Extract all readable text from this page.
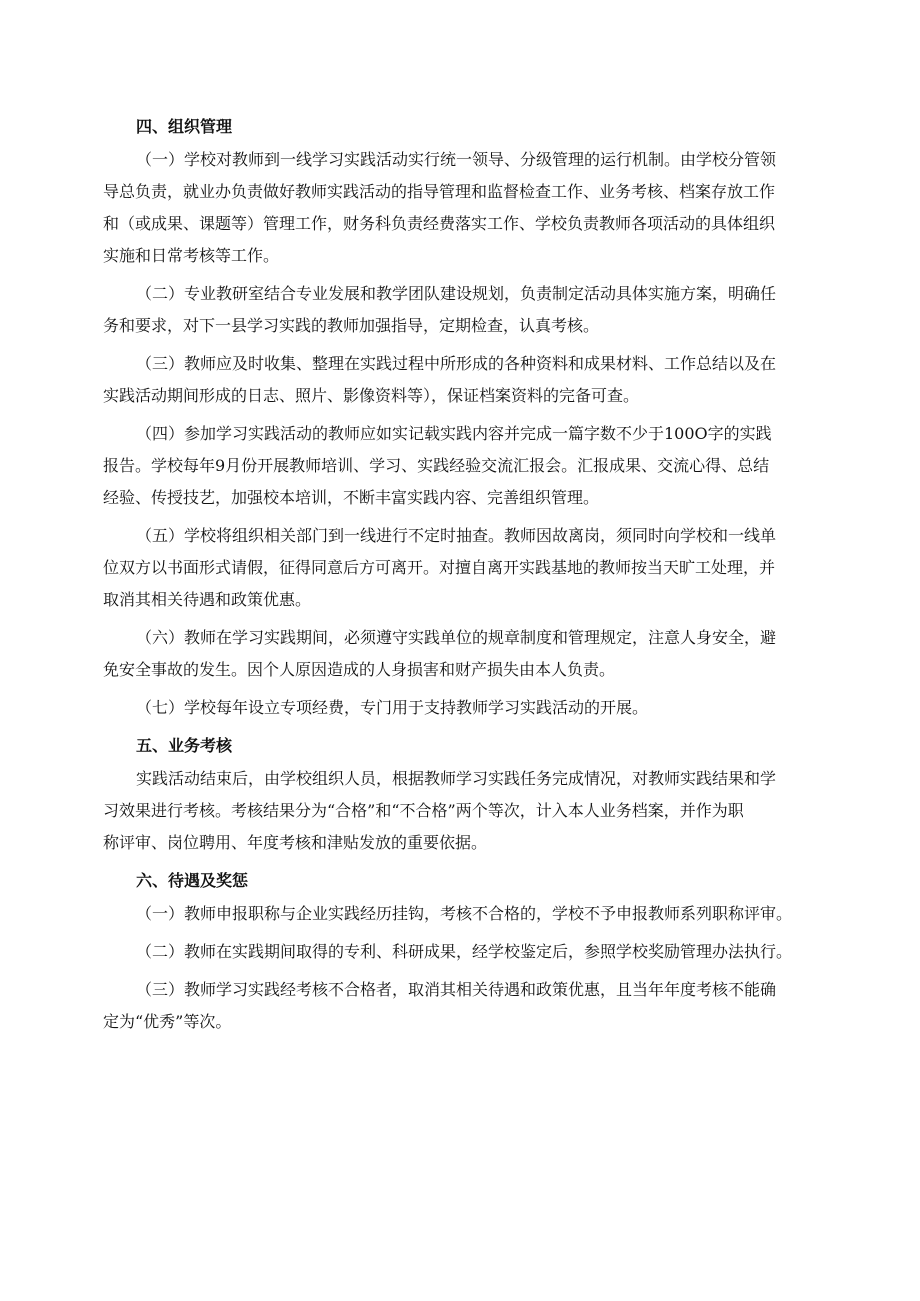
四、组织管理
（一）学校对教师到一线学习实践活动实行统一领导、分级管理的运行机制。由学校分管领
导总负责，就业办负责做好教师实践活动的指导管理和监督检查工作、业务考核、档案存放工作
和（或成果、课题等）管理工作，财务科负责经费落实工作、学校负责教师各项活动的具体组织
实施和日常考核等工作。
（二）专业教研室结合专业发展和教学团队建设规划，负责制定活动具体实施方案，明确任
务和要求，对下一县学习实践的教师加强指导，定期检查，认真考核。
（三）教师应及时收集、整理在实践过程中所形成的各种资料和成果材料、工作总结以及在
实践活动期间形成的日志、照片、影像资料等），保证档案资料的完备可查。
（四）参加学习实践活动的教师应如实记载实践内容并完成一篇字数不少于100O字的实践
报告。学校每年9月份开展教师培训、学习、实践经验交流汇报会。汇报成果、交流心得、总结
经验、传授技艺，加强校本培训，不断丰富实践内容、完善组织管理。
（五）学校将组织相关部门到一线进行不定时抽查。教师因故离岗，须同时向学校和一线单
位双方以书面形式请假，征得同意后方可离开。对擅自离开实践基地的教师按当天旷工处理，并
取消其相关待遇和政策优惠。
（六）教师在学习实践期间，必须遵守实践单位的规章制度和管理规定，注意人身安全，避
免安全事故的发生。因个人原因造成的人身损害和财产损失由本人负责。
（七）学校每年设立专项经费，专门用于支持教师学习实践活动的开展。
五、业务考核
实践活动结束后，由学校组织人员，根据教师学习实践任务完成情况，对教师实践结果和学
习效果进行考核。考核结果分为“合格”和“不合格”两个等次，计入本人业务档案，并作为职
称评审、岗位聘用、年度考核和津贴发放的重要依据。
六、待遇及奖惩
（一）教师申报职称与企业实践经历挂钩，考核不合格的，学校不予申报教师系列职称评审。
（二）教师在实践期间取得的专利、科研成果，经学校鉴定后，参照学校奖励管理办法执行。
（三）教师学习实践经考核不合格者，取消其相关待遇和政策优惠，且当年年度考核不能确
定为“优秀”等次。
